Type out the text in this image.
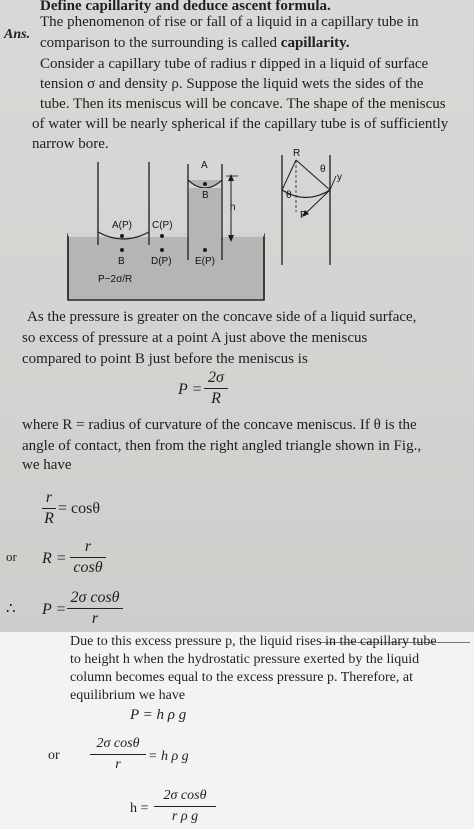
Define capillarity and deduce ascent formula.
Ans.
The phenomenon of rise or fall of a liquid in a capillary tube in
comparison to the surrounding is called capillarity.
Consider a capillary tube of radius r dipped in a liquid of surface
tension σ and density ρ. Suppose the liquid wets the sides of the
tube. Then its meniscus will be concave. The shape of the meniscus
of water will be nearly spherical if the capillary tube is of sufficiently
narrow bore.
A
B
h
A(P) C(P)
B	D(P) E(P)
P−2σ/R
R
θ
θ
y
P
As the pressure is greater on the concave side of a liquid surface,
so excess of pressure at a point A just above the meniscus
compared to point B just before the meniscus is
P =
2σ
R
where R = radius of curvature of the concave meniscus. If θ is the
angle of contact, then from the right angled triangle shown in Fig.,
we have
r
R
= cosθ
or R =
r
cosθ
∴ P =
2σ cosθ
r
Due to this excess pressure p, the liquid rises in the capillary tube
to height h when the hydrostatic pressure exerted by the liquid
column becomes equal to the excess pressure p. Therefore, at
equilibrium we have
P = h ρ g
or
2σ cosθ
r
= h ρ g
h =
2σ cosθ
r ρ g
